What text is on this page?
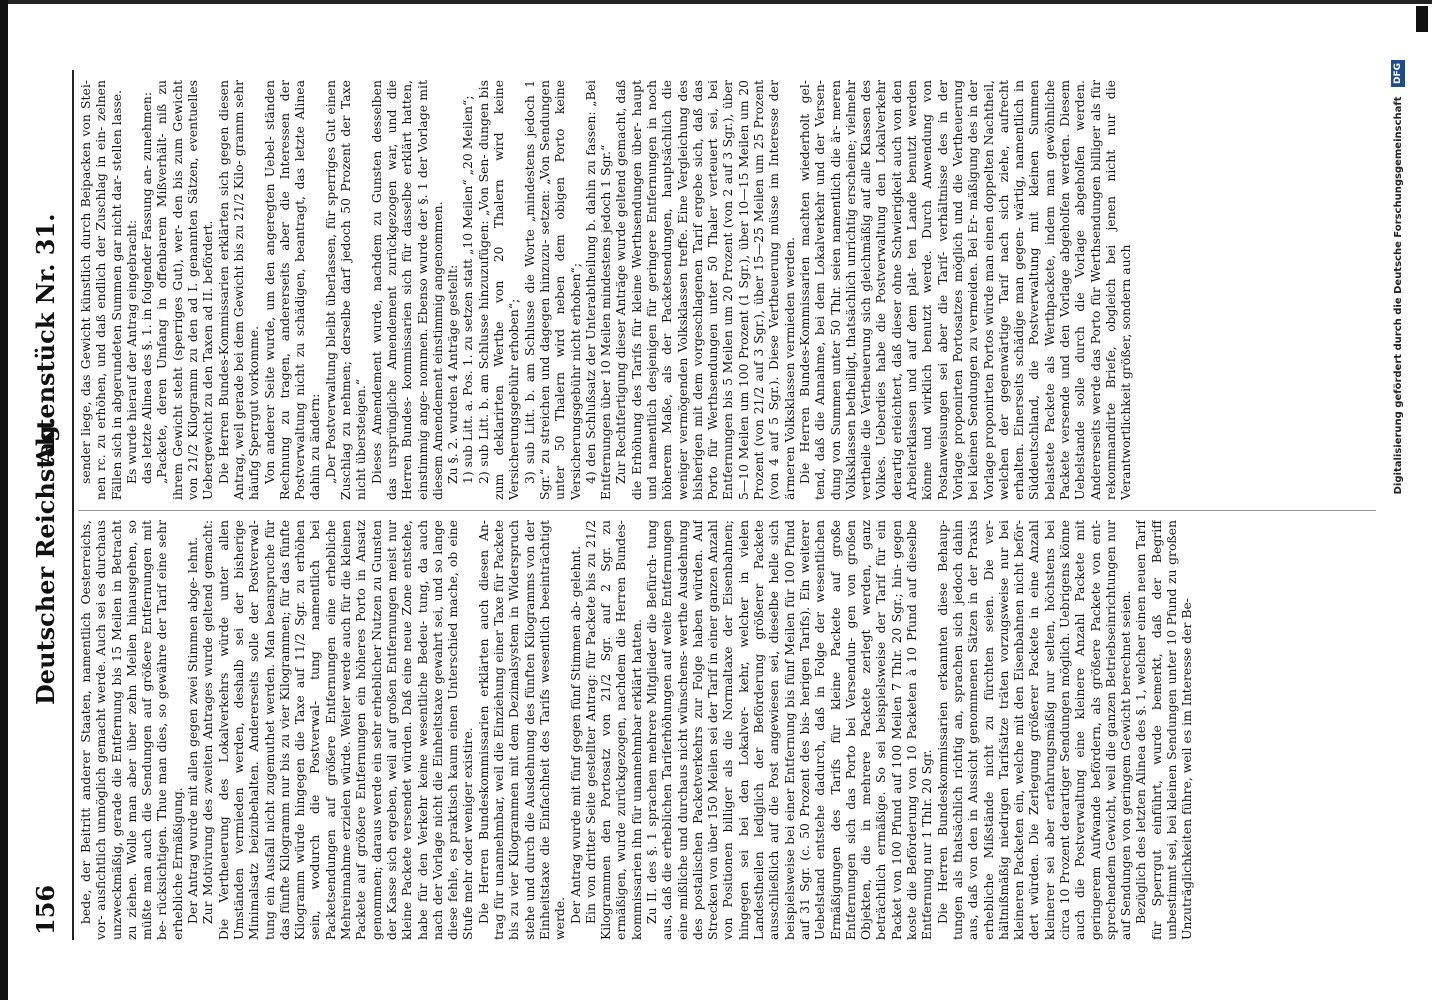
156
Deutscher Reichstag.
Aktenstück Nr. 31.

bede, der Beitritt anderer Staaten, namentlich Oesterreichs, vor- ausfichtlich unmöglich gemacht werde. Auch sei es durchaus unzweckmäßig, gerade die Entfernung bis 15 Meilen in Betracht zu ziehen. Wolle man aber über zehn Meilen hinausgehen, so müßte man auch die Sendungen auf größere Entfernungen mit be- rücksichtigen. Thue man dies, so gewähre der Tarif eine sehr erhebliche Ermäßigung. Der Antrag wurde mit allen gegen zwei Stimmen abge- lehnt. Zur Motivirung des zweiten Antrages wurde geltend gemacht: Die Vertheuerung des Lokalverkehrs würde unter allen Umständen vermieden werden, deshalb sei der bisherige Minimalsatz beizubehalten. Andererseits solle der Postverwal- tung ein Ausfall nicht zugemuthet werden. Man beanspruche für das fünfte Kilogramm nur bis zu vier Kilogrammen; für das fünfte Kilogramm würde hingegen die Taxe auf 11/2 Sgr. zu erhöhen sein, wodurch die Postverwal- tung namentlich bei Packetsendungen auf größere Entfernungen eine erhebliche Mehreinnahme erzielen würde. Weiter werde auch für die kleinen Packete auf größere Entfernungen ein höheres Porto in Ansatz genommen; daraus werde ein sehr erheblicher Nutzen zu Gunsten der Kasse sich ergeben, weil auf großen Entfernungen meist nur kleine Packete versendet würden. Daß eine neue Zone entstehe, habe für den Verkehr keine wesentliche Bedeu- tung, da auch nach der Vorlage nicht die Einheitstaxe gewahrt sei, und so lange diese fehle, es praktisch kaum einen Unterschied mache, ob eine Stufe mehr oder weniger existire. Die Herren Bundeskommissarien erklärten auch diesen An- trag für unannehmbar, weil die Einziehung einer Taxe für Packete bis zu vier Kilogrammen mit dem Dezimalsystem in Widerspruch stehe und durch die Ausdehnung des fünften Kilogramms von der Einheitstaxe die Einfachheit des Tarifs wesentlich beeinträchtigt werde. Der Antrag wurde mit fünf gegen fünf Stimmen ab- gelehnt. Ein von dritter Seite gestellter Antrag: für Packete bis zu 21/2 Kilogrammen den Portosatz von 21/2 Sgr. auf 2 Sgr. zu ermäßigen, wurde zurückgezogen, nachdem die Herren Bundes- kommissarien ihn für unannehmbar erklärt hatten. Zu II. des §. 1 sprachen mehrere Mitglieder die Befürch- tung aus, daß die erheblichen Tariferhöhungen auf weite Entfernungen eine mißliche und durchaus nicht wünschens- werthe Ausdehnung des postalischen Packetverkehrs zur Folge haben würden. Auf Strecken von über 150 Meilen sei der Tarif in einer ganzen Anzahl von Positionen billiger als die Normaltaxe der Eisenbahnen; hingegen sei bei den Lokalver- kehr, welcher in vielen Landestheilen lediglich der Beförderung größerer Packete ausschließlich auf die Post angewiesen sei, dieselbe helle sich beispielsweise bei einer Entfernung bis fünf Meilen für 100 Pfund auf 31 Sgr. (c. 50 Prozent des bis- herigen Tarifs). Ein weiterer Uebelstand entstehe dadurch, daß in Folge der wesentlichen Ermäßigungen des Tarifs für kleine Packete auf große Entfernungen sich das Porto bei Versendun- gen von großen Objekten, die in mehrere Packete zerlegt werden, ganz beträchtlich ermäßige. So sei beispielsweise der Tarif für ein Packet von 100 Pfund auf 100 Meilen 7 Thlr. 20 Sgr.; hin- gegen koste die Beförderung von 10 Packeten à 10 Pfund auf dieselbe Entfernung nur 1 Thlr. 20 Sgr. Die Herren Bundeskommissarien erkannten diese Behaup- tungen als thatsächlich richtig an, sprachen sich jedoch dahin aus, daß von den in Aussicht genommenen Sätzen in der Praxis erhebliche Mißstände nicht zu fürchten seien. Die ver- hältnißmäßig niedrigen Tarifsätze träten vorzugsweise nur bei kleineren Packeten ein, welche mit den Eisenbahnen nicht beför- dert würden. Die Zerlegung größerer Packete in eine Anzahl kleinerer sei aber erfahrungsmäßig nur selten, höchstens bei circa 10 Prozent derartiger Sendungen möglich. Uebrigens könne auch die Postverwaltung eine kleinere Anzahl Packete mit geringerem Aufwande befördern, als größere Packete von ent- sprechendem Gewicht, weil die ganzen Betriebseinrichtungen nur auf Sendungen von geringem Gewicht berechnet seien. Bezüglich des letzten Alinea des §. 1, welcher einen neuen Tarif für Sperrgut einführt, wurde bemerkt, daß der Begriff unbestimmt sei, bei kleinen Sendungen unter 10 Pfund zu großen Unzuträglichkeiten führe, weil es im Interesse der Be-

sender liege, das Gewicht künstlich durch Beipacken von Stei- nen rc. zu erhöhen, und daß endlich der Zuschlag in ein- zelnen Fällen sich in abgerundeten Summen gar nicht dar- stellen lasse. Es wurde hierauf der Antrag eingebracht: das letzte Alinea des §. 1. in folgender Fassung an- zunehmen: „Packete, deren Umfang in offenbarem Mißverhält- niß zu ihrem Gewicht steht (sperriges Gut), wer- den bis zum Gewicht von 21/2 Kilogramm zu den ad I. genannten Sätzen, eventuelles Uebergewicht zu den Taxen ad II. befördert. Die Herren Bundes-Kommissarien erklärten sich gegen diesen Antrag, weil gerade bei dem Gewicht bis zu 21/2 Kilo- gramm sehr häufig Sperrgut vorkomme. Von anderer Seite wurde, um den angeregten Uebel- ständen Rechnung zu tragen, andererseits aber die Interessen der Postverwaltung nicht zu schädigen, beantragt, das letzte Alinea dahin zu ändern: „Der Postverwaltung bleibt überlassen, für sperriges Gut einen Zuschlag zu nehmen; derselbe darf jedoch 50 Prozent der Taxe nicht übersteigen.“ Dieses Amendement wurde, nachdem zu Gunsten desselben das ursprüngliche Amendement zurückgezogen war, und die Herren Bundes- kommissarien sich für dasselbe erklärt hatten, einstimmig ange- nommen. Ebenso wurde der §. 1 der Vorlage mit diesem Amendement einstimmig angenommen. Zu §. 2. wurden 4 Anträge gestellt: 1) sub Litt. a. Pos. 1. zu setzen statt „10 Meilen“ „20 Meilen“; 2) sub Litt. b. am Schlusse hinzuzufügen: „Von Sen- dungen bis zum deklarirten Werthe von 20 Thalern wird keine Versicherungsgebühr erhoben“; 3) sub Litt. b. am Schlusse die Worte „mindestens jedoch 1 Sgr.“ zu streichen und dagegen hinzuzu- setzen: „Von Sendungen unter 50 Thalern wird neben dem obigen Porto keine Versicherungsgebühr nicht erhoben“; 4) den Schlußsatz der Unterabtheilung b. dahin zu fassen: „Bei Entfernungen über 10 Meilen mindestens jedoch 1 Sgr.“ Zur Rechtfertigung dieser Anträge wurde geltend gemacht, daß die Erhöhung des Tarifs für kleine Werthsendungen über- haupt und namentlich desjenigen für geringere Entfernungen in noch höherem Maße, als der Packetsendungen, hauptsächlich die weniger vermögenden Volksklassen treffe. Eine Vergleichung des bisherigen mit dem vorgeschlagenen Tarif ergebe sich, daß das Porto für Werthsendungen unter 50 Thaler verteuert sei, bei Entfernungen bis 5 Meilen um 20 Prozent (von 2 auf 3 Sgr.), über 5—10 Meilen um 100 Prozent (1 Sgr.), über 10—15 Meilen um 20 Prozent (von 21/2 auf 3 Sgr.), über 15—25 Meilen um 25 Prozent (von 4 auf 5 Sgr.). Diese Vertheuerung müsse im Interesse der ärmeren Volksklassen vermieden werden. Die Herren Bundes-Kommissarien machten wiederholt gel- tend, daß die Annahme, bei dem Lokalverkehr und der Versen- dung von Summen unter 50 Thlr. seien namentlich die är- meren Volksklassen betheiligt, thatsächlich unrichtig erscheine; vielmehr vertheile die Vertheuerung sich gleichmäßig auf alle Klassen des Volkes. Ueberdies habe die Postverwaltung den Lokalverkehr derartig erleichtert, daß dieser ohne Schwierigkeit auch von den Arbeiterklassen und auf dem plat- ten Lande benutzt werden könne und wirklich benutzt werde. Durch Anwendung von Postanweisungen sei aber die Tarif- verhältnisse des in der Vorlage proponirten Portosatzes möglich und die Vertheuerung bei kleinen Sendungen zu vermeiden. Bei Er- mäßigung des in der Vorlage proponirten Portos würde man einen doppelten Nachtheil, welchen der gegenwärtige Tarif nach sich ziehe, aufrecht erhalten. Einerseits schädige man gegen- wärtig, namentlich in Süddeutschland, die Postverwaltung mit kleinen Summen belastete Packete als Werthpackete, indem man gewöhnliche Packete versende und den Vorlage abgeholfen werden. Diesem Uebelstande solle durch die Vorlage abgeholfen werden. Andererseits werde das Porto für Werthsendungen billiger als für rekommandirte Briefe, obgleich bei jenen nicht nur die Verantwortlichkeit größer, sondern auch	Digitalisierung gefördert durch die Deutsche Forschungsgemeinschaft DFG
